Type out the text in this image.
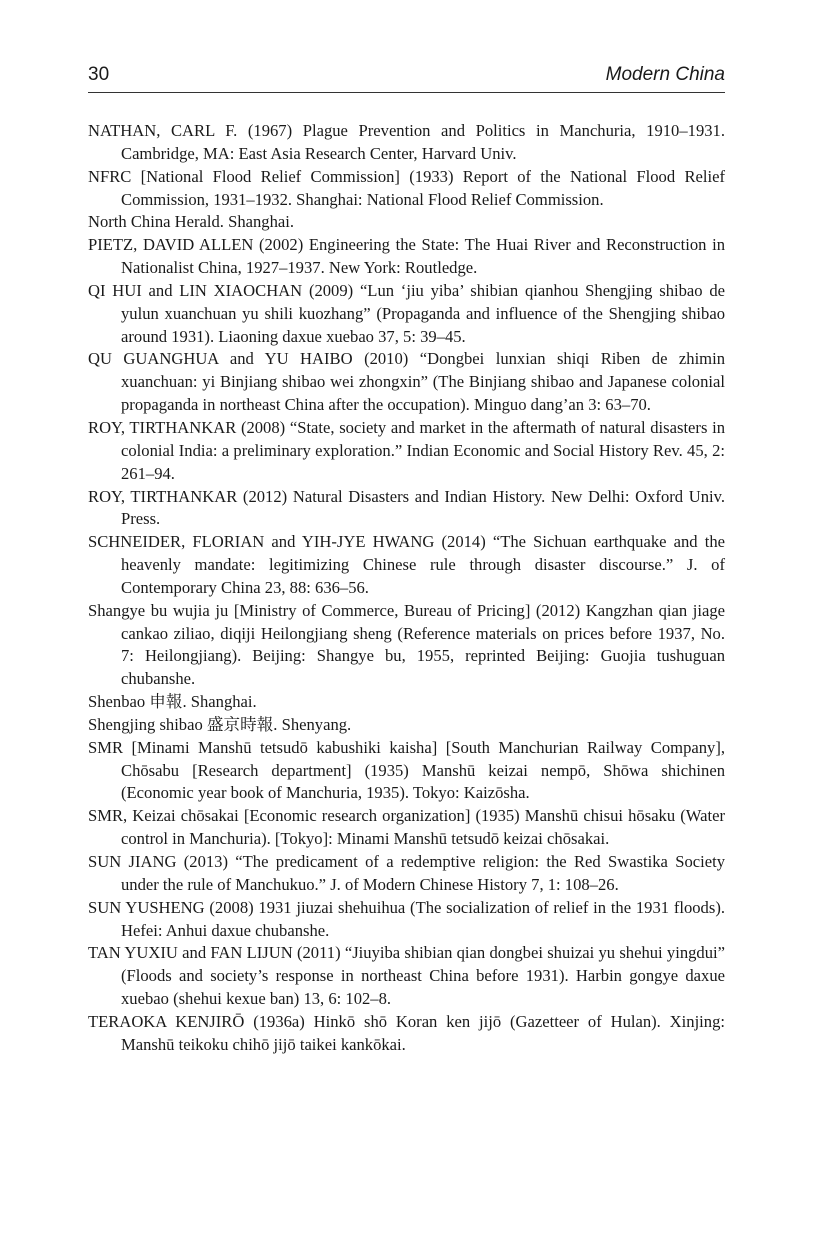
30	Modern China

NATHAN, CARL F. (1967) Plague Prevention and Politics in Manchuria, 1910–1931. Cambridge, MA: East Asia Research Center, Harvard Univ.

NFRC [National Flood Relief Commission] (1933) Report of the National Flood Relief Commission, 1931–1932. Shanghai: National Flood Relief Commission.

North China Herald. Shanghai.

PIETZ, DAVID ALLEN (2002) Engineering the State: The Huai River and Reconstruction in Nationalist China, 1927–1937. New York: Routledge.

QI HUI and LIN XIAOCHAN (2009) “Lun ‘jiu yiba’ shibian qianhou Shengjing shibao de yulun xuanchuan yu shili kuozhang” (Propaganda and influence of the Shengjing shibao around 1931). Liaoning daxue xuebao 37, 5: 39–45.

QU GUANGHUA and YU HAIBO (2010) “Dongbei lunxian shiqi Riben de zhimin xuanchuan: yi Binjiang shibao wei zhongxin” (The Binjiang shibao and Japanese colonial propaganda in northeast China after the occupation). Minguo dang’an 3: 63–70.

ROY, TIRTHANKAR (2008) “State, society and market in the aftermath of natural disasters in colonial India: a preliminary exploration.” Indian Economic and Social History Rev. 45, 2: 261–94.

ROY, TIRTHANKAR (2012) Natural Disasters and Indian History. New Delhi: Oxford Univ. Press.

SCHNEIDER, FLORIAN and YIH-JYE HWANG (2014) “The Sichuan earthquake and the heavenly mandate: legitimizing Chinese rule through disaster discourse.” J. of Contemporary China 23, 88: 636–56.

Shangye bu wujia ju [Ministry of Commerce, Bureau of Pricing] (2012) Kangzhan qian jiage cankao ziliao, diqiji Heilongjiang sheng (Reference materials on prices before 1937, No. 7: Heilongjiang). Beijing: Shangye bu, 1955, reprinted Beijing: Guojia tushuguan chubanshe.

Shenbao 申報. Shanghai.

Shengjing shibao 盛京時報. Shenyang.

SMR [Minami Manshū tetsudō kabushiki kaisha] [South Manchurian Railway Company], Chōsabu [Research department] (1935) Manshū keizai nempō, Shōwa shichinen (Economic year book of Manchuria, 1935). Tokyo: Kaizōsha.

SMR, Keizai chōsakai [Economic research organization] (1935) Manshū chisui hōsaku (Water control in Manchuria). [Tokyo]: Minami Manshū tetsudō keizai chōsakai.

SUN JIANG (2013) “The predicament of a redemptive religion: the Red Swastika Society under the rule of Manchukuo.” J. of Modern Chinese History 7, 1: 108–26.

SUN YUSHENG (2008) 1931 jiuzai shehuihua (The socialization of relief in the 1931 floods). Hefei: Anhui daxue chubanshe.

TAN YUXIU and FAN LIJUN (2011) “Jiuyiba shibian qian dongbei shuizai yu shehui yingdui” (Floods and society’s response in northeast China before 1931). Harbin gongye daxue xuebao (shehui kexue ban) 13, 6: 102–8.

TERAOKA KENJIRŌ (1936a) Hinkō shō Koran ken jijō (Gazetteer of Hulan). Xinjing: Manshū teikoku chihō jijō taikei kankōkai.
